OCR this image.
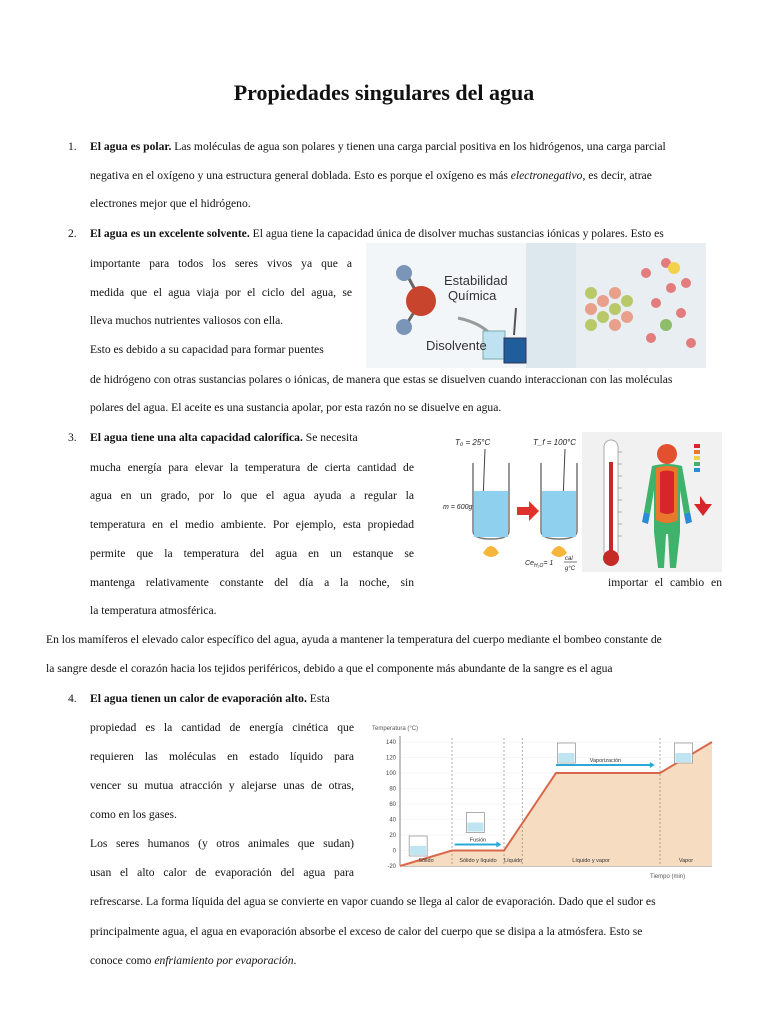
Propiedades singulares del agua
1. El agua es polar. Las moléculas de agua son polares y tienen una carga parcial positiva en los hidrógenos, una carga parcial
negativa en el oxígeno y una estructura general doblada. Esto es porque el oxígeno es más electronegativo, es decir, atrae
electrones mejor que el hidrógeno.
2. El agua es un excelente solvente. El agua tiene la capacidad única de disolver muchas sustancias iónicas y polares. Esto es
importante para todos los seres vivos ya que a
medida que el agua viaja por el ciclo del agua, se
lleva muchos nutrientes valiosos con ella.
Esto es debido a su capacidad para formar puentes
de hidrógeno con otras sustancias polares o iónicas, de manera que estas se disuelven cuando interaccionan con las moléculas
polares del agua. El aceite es una sustancia apolar, por esta razón no se disuelve en agua.
Estabilidad
Química
Disolvente
3. El agua tiene una alta capacidad calorífica. Se necesita
mucha energía para elevar la temperatura de cierta cantidad de
agua en un grado, por lo que el agua ayuda a regular la
temperatura en el medio ambiente. Por ejemplo, esta propiedad
permite que la temperatura del agua en un estanque se
mantenga relativamente constante del día a la noche, sin	importar el cambio en
la temperatura atmosférica.
T₀ = 25°C	T_f = 100°C
m = 600g
$Ce_{H_2O}= 1$
cal
g°C
En los mamíferos el elevado calor específico del agua, ayuda a mantener la temperatura del cuerpo mediante el bombeo constante de
la sangre desde el corazón hacia los tejidos periféricos, debido a que el componente más abundante de la sangre es el agua
4. El agua tienen un calor de evaporación alto. Esta
propiedad es la cantidad de energía cinética que
requieren las moléculas en estado líquido para
vencer su mutua atracción y alejarse unas de otras,
como en los gases.
Los seres humanos (y otros animales que sudan)
usan el alto calor de evaporación del agua para
refrescarse. La forma líquida del agua se convierte en vapor cuando se llega al calor de evaporación. Dado que el sudor es
principalmente agua, el agua en evaporación absorbe el exceso de calor del cuerpo que se disipa a la atmósfera. Esto se
conoce como enfriamiento por evaporación.
140
120
100
80
60
40
20
0
-20
Sólido	Sólido y líquido Líquido	Líquido y vapor	Vapor
Fusión
Vaporización
Temperatura (°C)
Tiempo (min)
